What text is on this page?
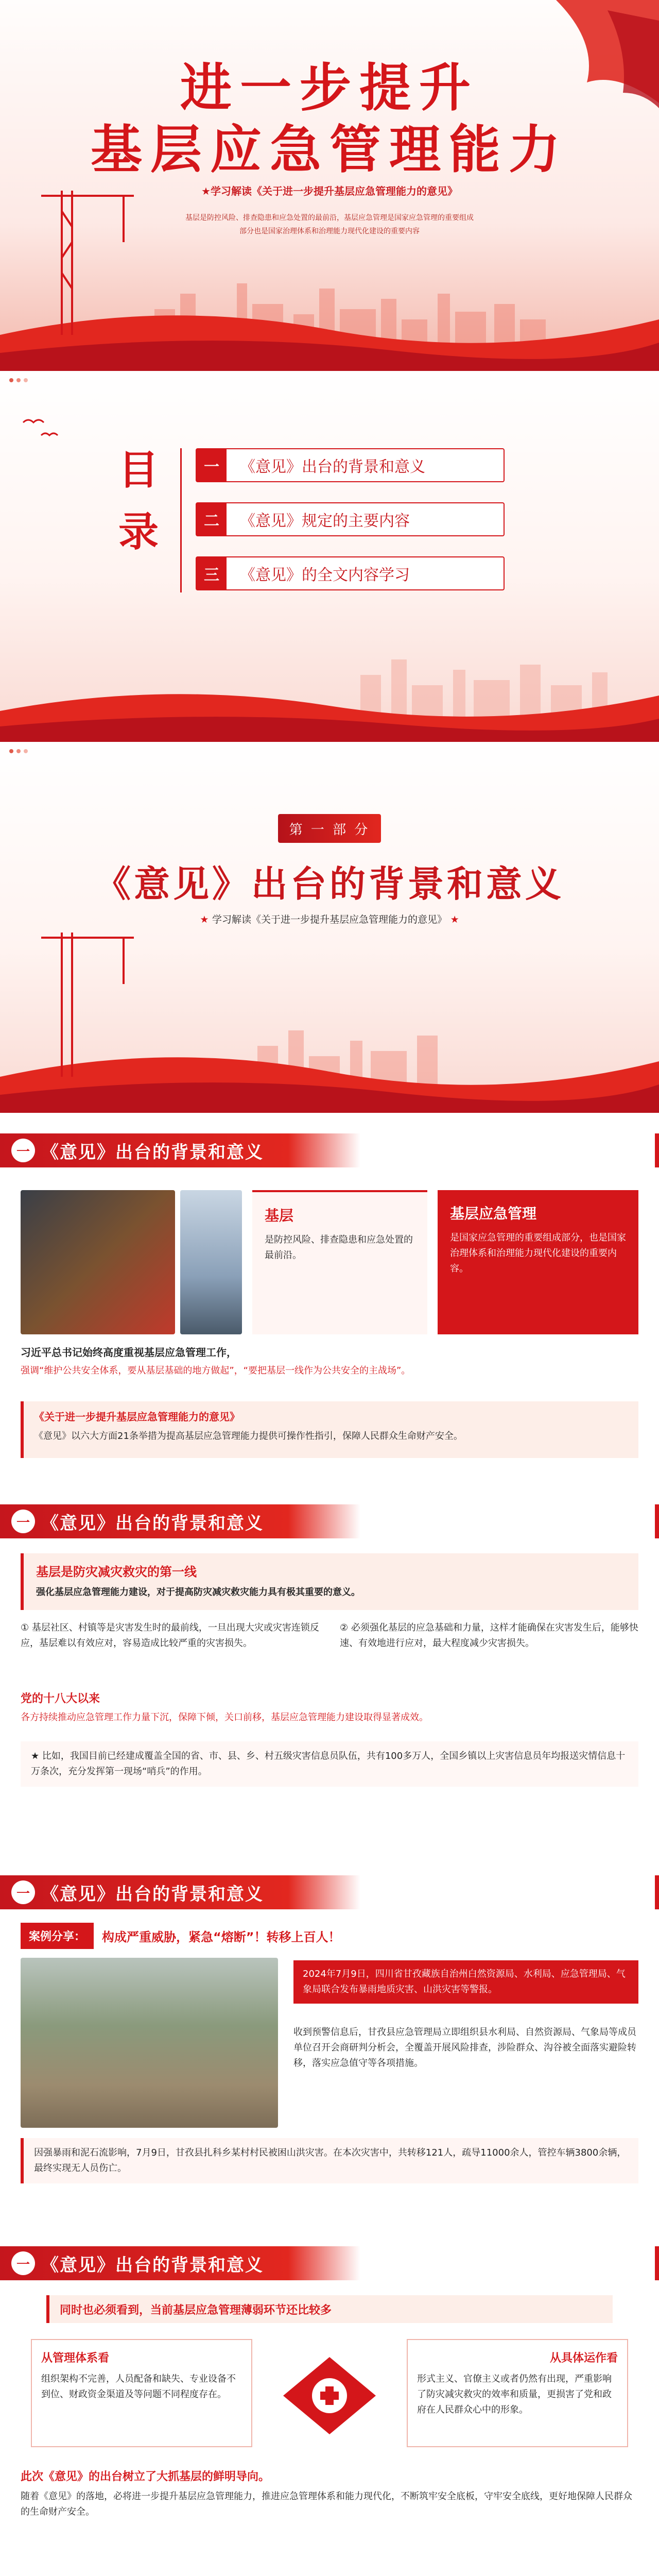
进一步提升
基层应急管理能力
★学习解读《关于进一步提升基层应急管理能力的意见》
基层是防控风险、排查隐患和应急处置的最前沿，基层应急管理是国家应急管理的重要组成部分也是国家治理体系和治理能力现代化建设的重要内容
目
录
一	《意见》出台的背景和意义
二	《意见》规定的主要内容
三	《意见》的全文内容学习
第 一 部 分
《意见》出台的背景和意义
★ 学习解读《关于进一步提升基层应急管理能力的意见》 ★
一 《意见》出台的背景和意义
基层
是防控风险、排查隐患和应急处置的最前沿。
基层应急管理
是国家应急管理的重要组成部分，也是国家治理体系和治理能力现代化建设的重要内容。
习近平总书记始终高度重视基层应急管理工作，
强调“维护公共安全体系，要从基层基础的地方做起”，“要把基层一线作为公共安全的主战场”。
《关于进一步提升基层应急管理能力的意见》
《意见》以六大方面21条举措为提高基层应急管理能力提供可操作性指引，保障人民群众生命财产安全。
一 《意见》出台的背景和意义
基层是防灾减灾救灾的第一线
强化基层应急管理能力建设，对于提高防灾减灾救灾能力具有极其重要的意义。
① 基层社区、村镇等是灾害发生时的最前线，一旦出现大灾或灾害连锁反应，基层难以有效应对，容易造成比较严重的灾害损失。
② 必须强化基层的应急基础和力量，这样才能确保在灾害发生后，能够快速、有效地进行应对，最大程度减少灾害损失。
党的十八大以来
各方持续推动应急管理工作力量下沉，保障下倾，关口前移，基层应急管理能力建设取得显著成效。
★ 比如，我国目前已经建成覆盖全国的省、市、县、乡、村五级灾害信息员队伍，共有100多万人，全国乡镇以上灾害信息员年均报送灾情信息十万条次，充分发挥第一现场“哨兵”的作用。
一 《意见》出台的背景和意义
案例分享：	构成严重威胁，紧急“熔断”！转移上百人！
2024年7月9日，四川省甘孜藏族自治州白然资源局、水利局、应急管理局、气象局联合发布暴雨地质灾害、山洪灾害等警报。
收到预警信息后，甘孜县应急管理局立即组织县水利局、自然资源局、气象局等成员单位召开会商研判分析会，全覆盖开展风险排查，涉险群众、沟谷被全面落实避险转移，落实应急值守等各项措施。
因强暴雨和泥石流影响，7月9日，甘孜县扎科乡某村村民被困山洪灾害。在本次灾害中，共转移121人，疏导11000余人，管控车辆3800余辆，最终实现无人员伤亡。
一 《意见》出台的背景和意义
同时也必须看到，当前基层应急管理薄弱环节还比较多
从管理体系看
组织架构不完善，人员配备和缺失、专业设备不到位、财政资金渠道及等问题不同程度存在。
从具体运作看
形式主义、官僚主义或者仍然有出现，严重影响了防灾减灾救灾的效率和质量，更损害了党和政府在人民群众心中的形象。
此次《意见》的出台树立了大抓基层的鲜明导向。
随着《意见》的落地，必将进一步提升基层应急管理能力，推进应急管理体系和能力现代化，不断筑牢安全底板，守牢安全底线，更好地保障人民群众的生命财产安全。
